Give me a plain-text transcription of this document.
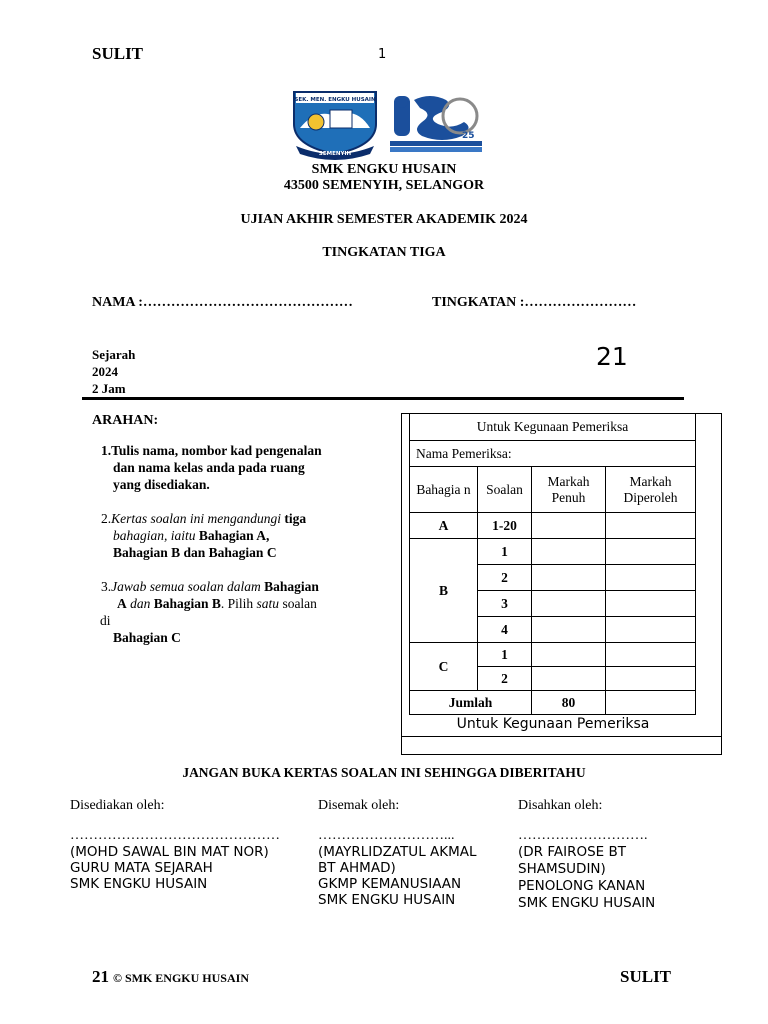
SULIT	1
SEK. MEN. ENGKU HUSAIN
SEMENYIH
25
SMK ENGKU HUSAIN
43500 SEMENYIH, SELANGOR
UJIAN AKHIR SEMESTER AKADEMIK 2024
TINGKATAN TIGA
NAMA :………………………………………	TINGKATAN :……………………
Sejarah
2024
2 Jam
21
ARAHAN:

1.Tulis nama, nombor kad pengenalan
dan nama kelas anda pada ruang
yang disediakan.

2.Kertas soalan ini mengandungi tiga
bahagian, iaitu Bahagian A,
Bahagian B dan Bahagian C

3.Jawab semua soalan dalam Bahagian
A dan Bahagian B. Pilih satu soalan
di
Bahagian C

Untuk Kegunaan Pemeriksa			
Nama Pemeriksa:			
Bahagia n	Soalan	Markah Penuh	Markah Diperoleh
A	1-20		
B	1		
	2		
	3		
	4		
C	1		
	2		
Jumlah		80	
Untuk Kegunaan Pemeriksa
JANGAN BUKA KERTAS SOALAN INI SEHINGGA DIBERITAHU
Disediakan oleh:
………………………………………
(MOHD SAWAL BIN MAT NOR)
GURU MATA SEJARAH
SMK ENGKU HUSAIN
Disemak oleh:
………………………...
(MAYRLIDZATUL AKMAL
BT AHMAD)
GKMP KEMANUSIAAN
SMK ENGKU HUSAIN
Disahkan oleh:
……………………….
(DR FAIROSE BT
SHAMSUDIN)
PENOLONG KANAN
SMK ENGKU HUSAIN
21 © SMK ENGKU HUSAIN	SULIT
